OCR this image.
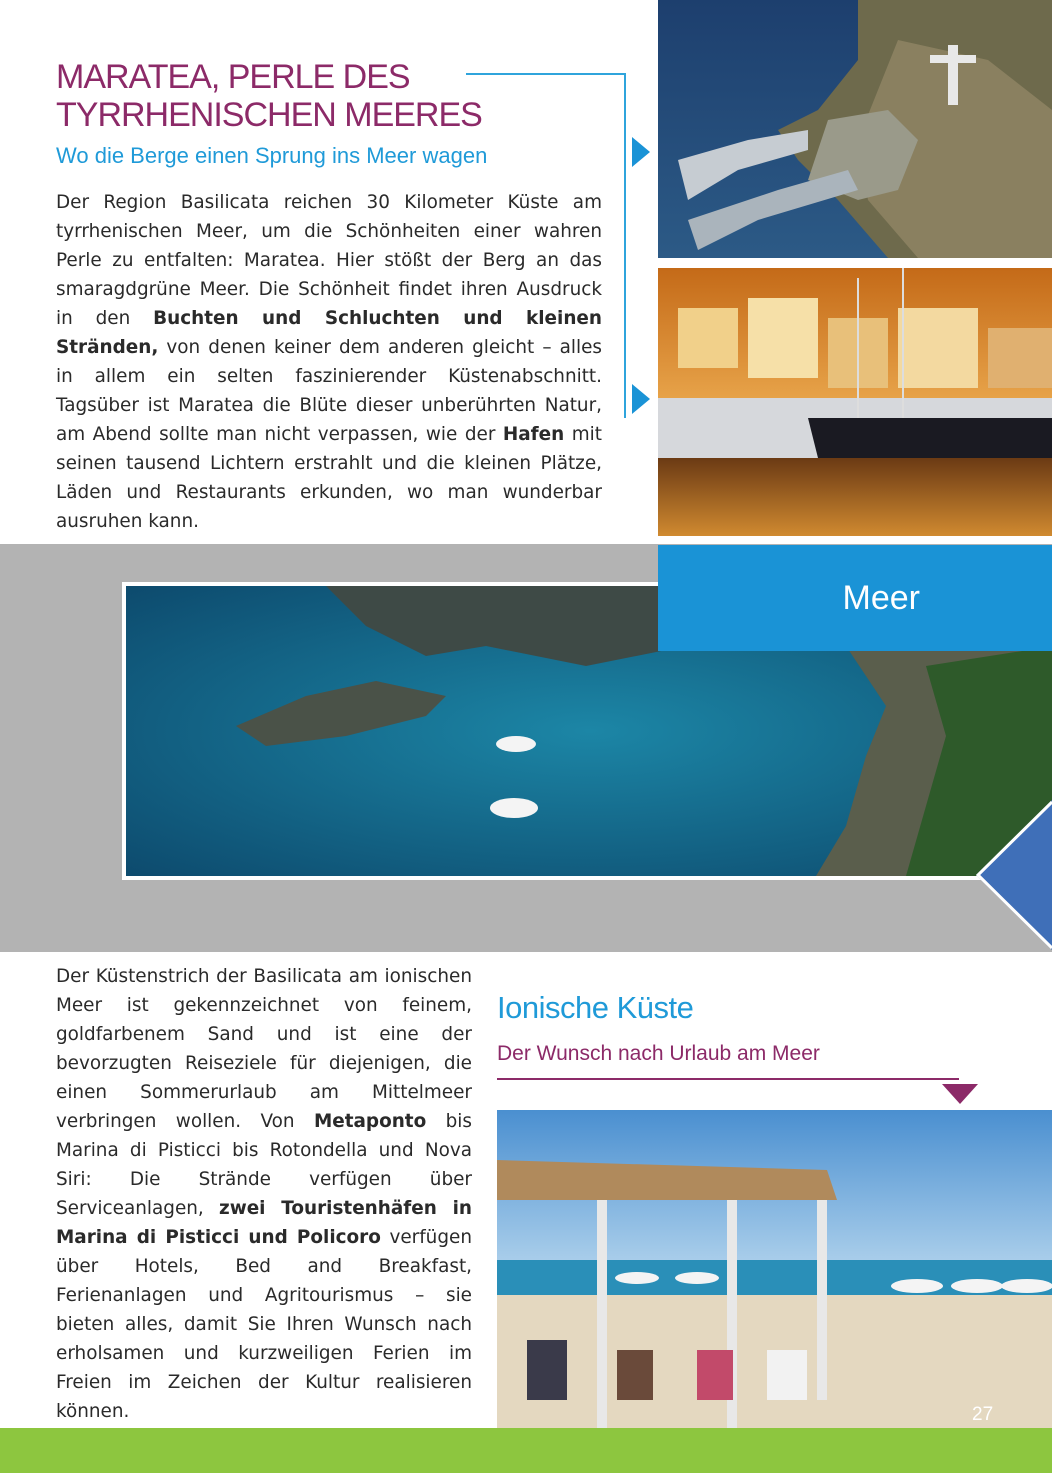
MARATEA, PERLE DES
TYRRHENISCHEN MEERES
Wo die Berge einen Sprung ins Meer wagen

Der Region Basilicata reichen 30 Kilometer Küste am tyrrhenischen Meer, um die Schönheiten einer wahren Perle zu entfalten: Maratea. Hier stößt der Berg an das smaragdgrüne Meer. Die Schönheit findet ihren Ausdruck in den Buchten und Schluchten und kleinen Stränden, von denen keiner dem anderen gleicht – alles in allem ein selten faszinierender Küstenabschnitt. Tagsüber ist Maratea die Blüte dieser unberührten Natur, am Abend sollte man nicht verpassen, wie der Hafen mit seinen tausend Lichtern erstrahlt und die kleinen Plätze, Läden und Restaurants erkunden, wo man wunderbar ausruhen kann.

Meer

Der Küstenstrich der Basilicata am ionischen Meer ist gekennzeichnet von feinem, goldfarbenem Sand und ist eine der bevorzugten Reiseziele für diejenigen, die einen Sommerurlaub am Mittelmeer verbringen wollen. Von Metaponto bis Marina di Pisticci bis Rotondella und Nova Siri: Die Strände verfügen über Serviceanlagen, zwei Touristenhäfen in Marina di Pisticci und Policoro verfügen über Hotels, Bed and Breakfast, Ferienanlagen und Agritourismus – sie bieten alles, damit Sie Ihren Wunsch nach erholsamen und kurzweiligen Ferien im Freien im Zeichen der Kultur realisieren können.

Ionische Küste
Der Wunsch nach Urlaub am Meer
27
